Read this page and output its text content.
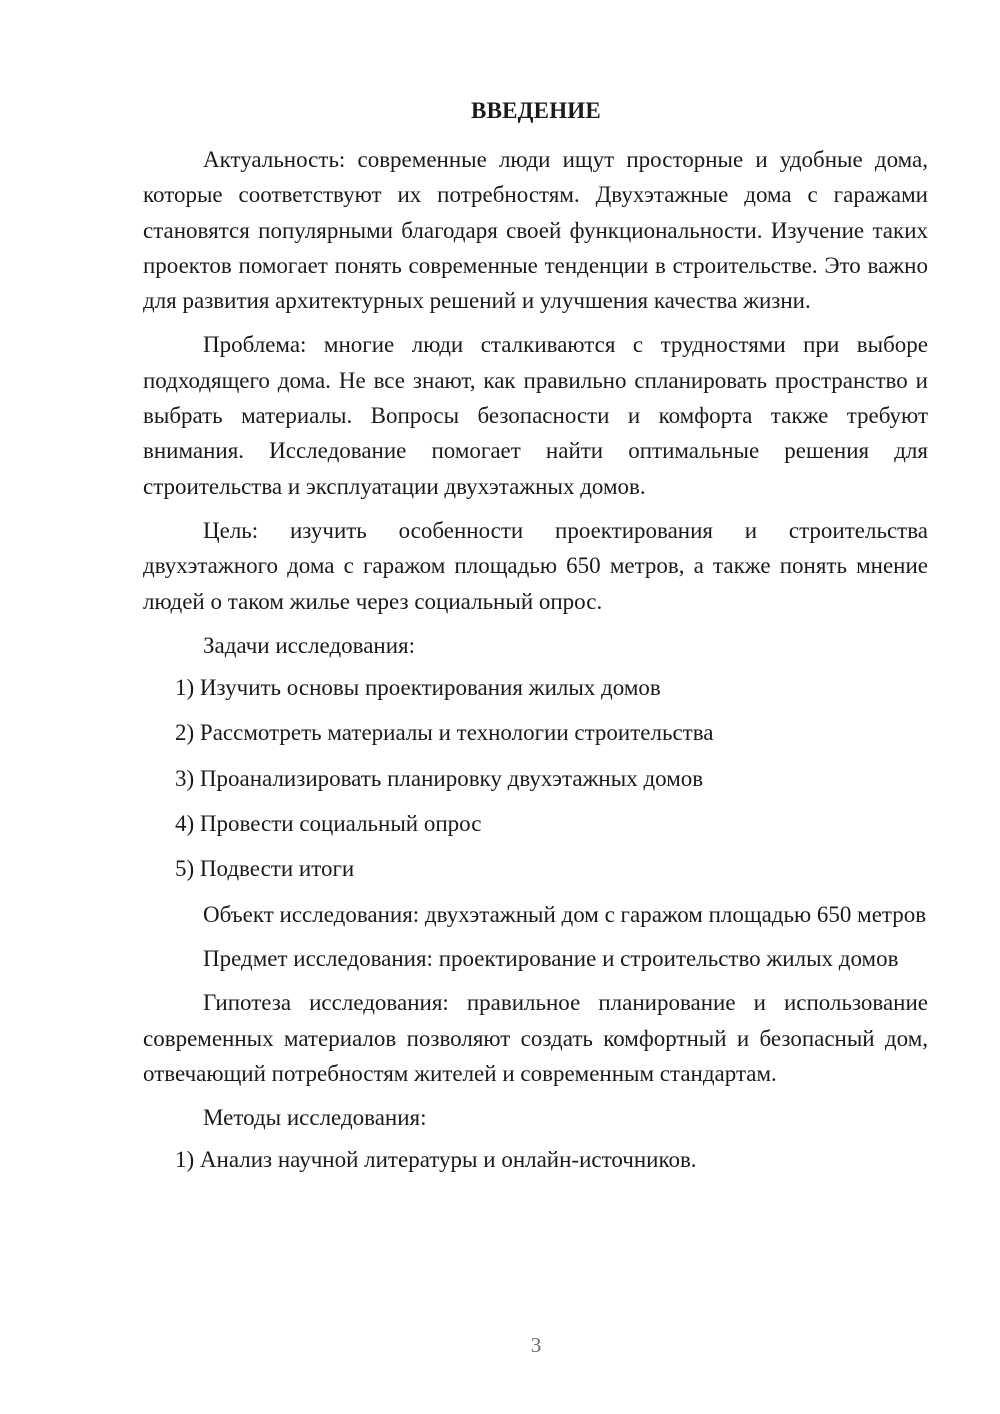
ВВЕДЕНИЕ

Актуальность: современные люди ищут просторные и удобные дома, которые соответствуют их потребностям. Двухэтажные дома с гаражами становятся популярными благодаря своей функциональности. Изучение таких проектов помогает понять современные тенденции в строительстве. Это важно для развития архитектурных решений и улучшения качества жизни.

Проблема: многие люди сталкиваются с трудностями при выборе подходящего дома. Не все знают, как правильно спланировать пространство и выбрать материалы. Вопросы безопасности и комфорта также требуют внимания. Исследование помогает найти оптимальные решения для строительства и эксплуатации двухэтажных домов.

Цель: изучить особенности проектирования и строительства двухэтажного дома с гаражом площадью 650 метров, а также понять мнение людей о таком жилье через социальный опрос.

Задачи исследования:

1) Изучить основы проектирования жилых домов

2) Рассмотреть материалы и технологии строительства

3) Проанализировать планировку двухэтажных домов

4) Провести социальный опрос

5) Подвести итоги

Объект исследования: двухэтажный дом с гаражом площадью 650 метров

Предмет исследования: проектирование и строительство жилых домов

Гипотеза исследования: правильное планирование и использование современных материалов позволяют создать комфортный и безопасный дом, отвечающий потребностям жителей и современным стандартам.

Методы исследования:

1) Анализ научной литературы и онлайн-источников.

3
